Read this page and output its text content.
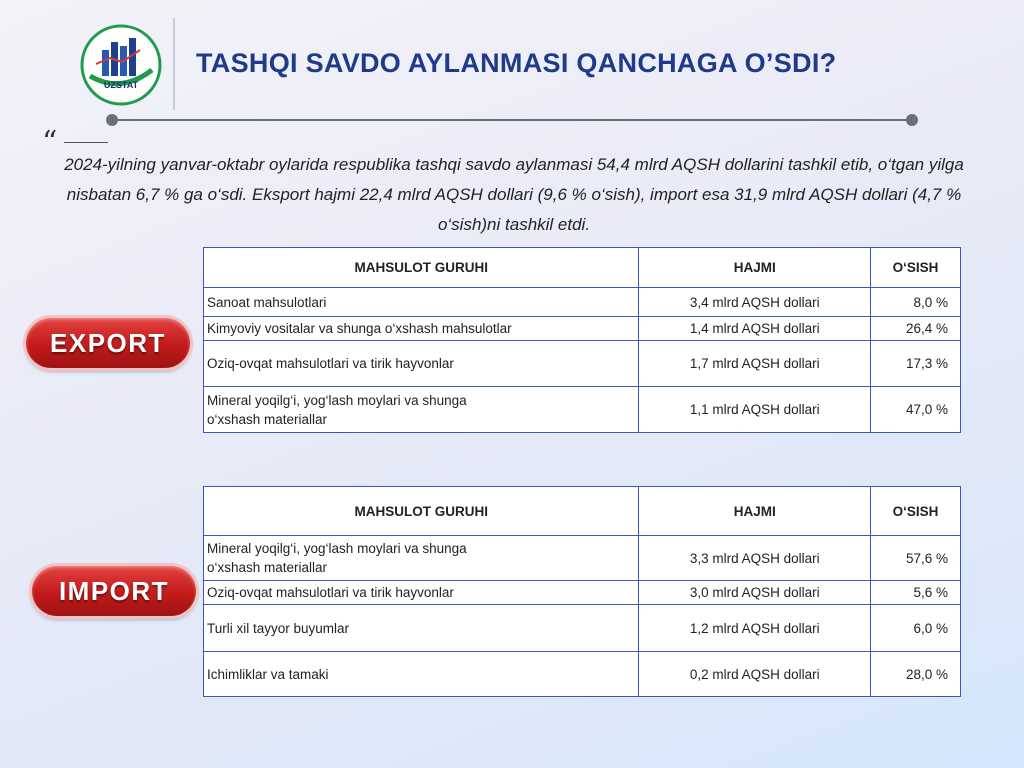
UZSTAT
TASHQI SAVDO AYLANMASI QANCHAGA O’SDI?
“
2024-yilning yanvar-oktabr oylarida respublika tashqi savdo aylanmasi 54,4 mlrd AQSH dollarini tashkil etib, o‘tgan yilga nisbatan 6,7 % ga o‘sdi. Eksport hajmi 22,4 mlrd AQSH dollari (9,6 % o‘sish), import esa 31,9 mlrd AQSH dollari (4,7 % o‘sish)ni tashkil etdi.
EXPORT
MAHSULOT GURUHI	HAJMI	O‘SISH
Sanoat mahsulotlari	3,4 mlrd AQSH dollari	8,0 %
Kimyoviy vositalar va shunga o‘xshash mahsulotlar	1,4 mlrd AQSH dollari	26,4 %
Oziq-ovqat mahsulotlari va tirik hayvonlar	1,7 mlrd AQSH dollari	17,3 %
Mineral yoqilg‘i, yog‘lash moylari va shunga o‘xshash materiallar	1,1 mlrd AQSH dollari	47,0 %
IMPORT
MAHSULOT GURUHI	HAJMI	O‘SISH
Mineral yoqilg‘i, yog‘lash moylari va shunga o‘xshash materiallar	3,3 mlrd AQSH dollari	57,6 %
Oziq-ovqat mahsulotlari va tirik hayvonlar	3,0 mlrd AQSH dollari	5,6 %
Turli xil tayyor buyumlar	1,2 mlrd AQSH dollari	6,0 %
Ichimliklar va tamaki	0,2 mlrd AQSH dollari	28,0 %
